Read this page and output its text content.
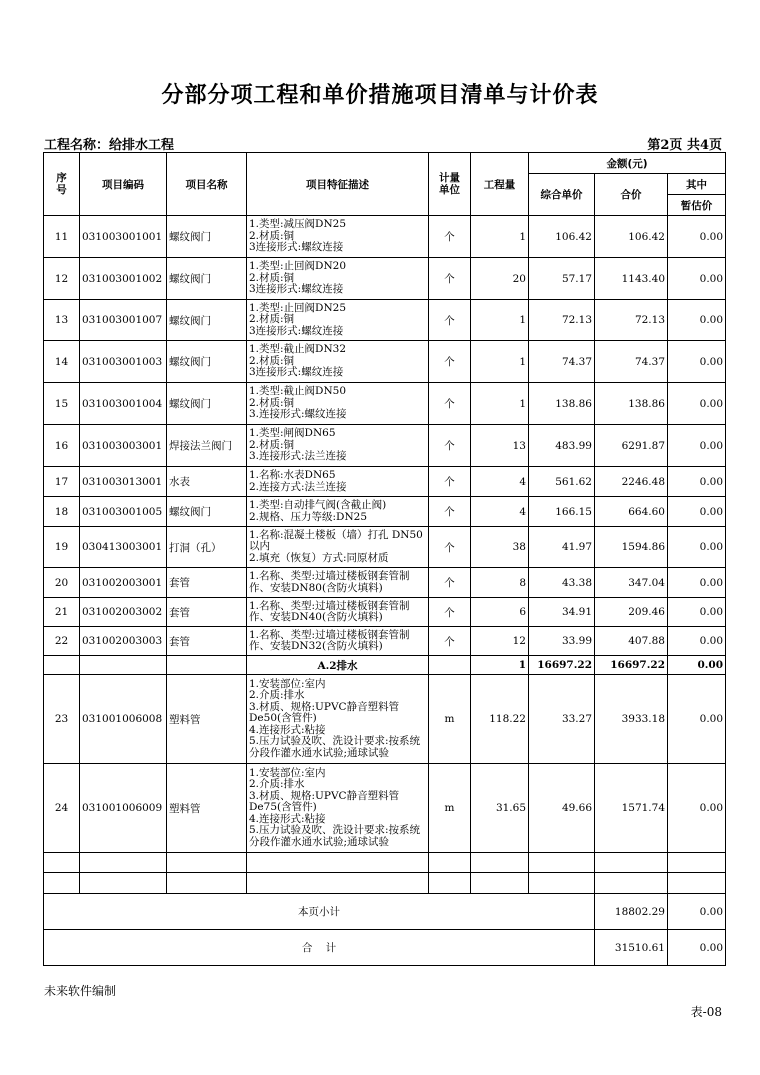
分部分项工程和单价措施项目清单与计价表
工程名称：给排水工程	第2页 共4页
序
号	项目编码	项目名称	项目特征描述	计量
单位	工程量	金额(元)		
						综合单价	合价	其中
								暂估价
11	031003001001	螺纹阀门	1.类型:减压阀DN25
2.材质:铜
3连接形式:螺纹连接	个	1	106.42	106.42	0.00
12	031003001002	螺纹阀门	1.类型:止回阀DN20
2.材质:铜
3连接形式:螺纹连接	个	20	57.17	1143.40	0.00
13	031003001007	螺纹阀门	1.类型:止回阀DN25
2.材质:铜
3连接形式:螺纹连接	个	1	72.13	72.13	0.00
14	031003001003	螺纹阀门	1.类型:截止阀DN32
2.材质:铜
3连接形式:螺纹连接	个	1	74.37	74.37	0.00
15	031003001004	螺纹阀门	1.类型:截止阀DN50
2.材质:铜
3.连接形式:螺纹连接	个	1	138.86	138.86	0.00
16	031003003001	焊接法兰阀门	1.类型:闸阀DN65
2.材质:铜
3.连接形式:法兰连接	个	13	483.99	6291.87	0.00
17	031003013001	水表	1.名称:水表DN65
2.连接方式:法兰连接	个	4	561.62	2246.48	0.00
18	031003001005	螺纹阀门	1.类型:自动排气阀(含截止阀)
2.规格、压力等级:DN25	个	4	166.15	664.60	0.00
19	030413003001	打洞（孔）	1.名称:混凝土楼板（墙）打孔 DN50以内
2.填充（恢复）方式:同原材质	个	38	41.97	1594.86	0.00
20	031002003001	套管	1.名称、类型:过墙过楼板钢套管制作、安装DN80(含防火填料)	个	8	43.38	347.04	0.00
21	031002003002	套管	1.名称、类型:过墙过楼板钢套管制作、安装DN40(含防火填料)	个	6	34.91	209.46	0.00
22	031002003003	套管	1.名称、类型:过墙过楼板钢套管制作、安装DN32(含防火填料)	个	12	33.99	407.88	0.00
			A.2排水		1	16697.22	16697.22	0.00
23	031001006008	塑料管	1.安装部位:室内
2.介质:排水
3.材质、规格:UPVC静音塑料管 De50(含管件)
4.连接形式:粘接
5.压力试验及吹、洗设计要求:按系统分段作灌水通水试验;通球试验	m	118.22	33.27	3933.18	0.00
24	031001006009	塑料管	1.安装部位:室内
2.介质:排水
3.材质、规格:UPVC静音塑料管 De75(含管件)
4.连接形式:粘接
5.压力试验及吹、洗设计要求:按系统分段作灌水通水试验;通球试验	m	31.65	49.66	1571.74	0.00

本页小计							18802.29	0.00
合    计							31510.61	0.00
未来软件编制
表-08
